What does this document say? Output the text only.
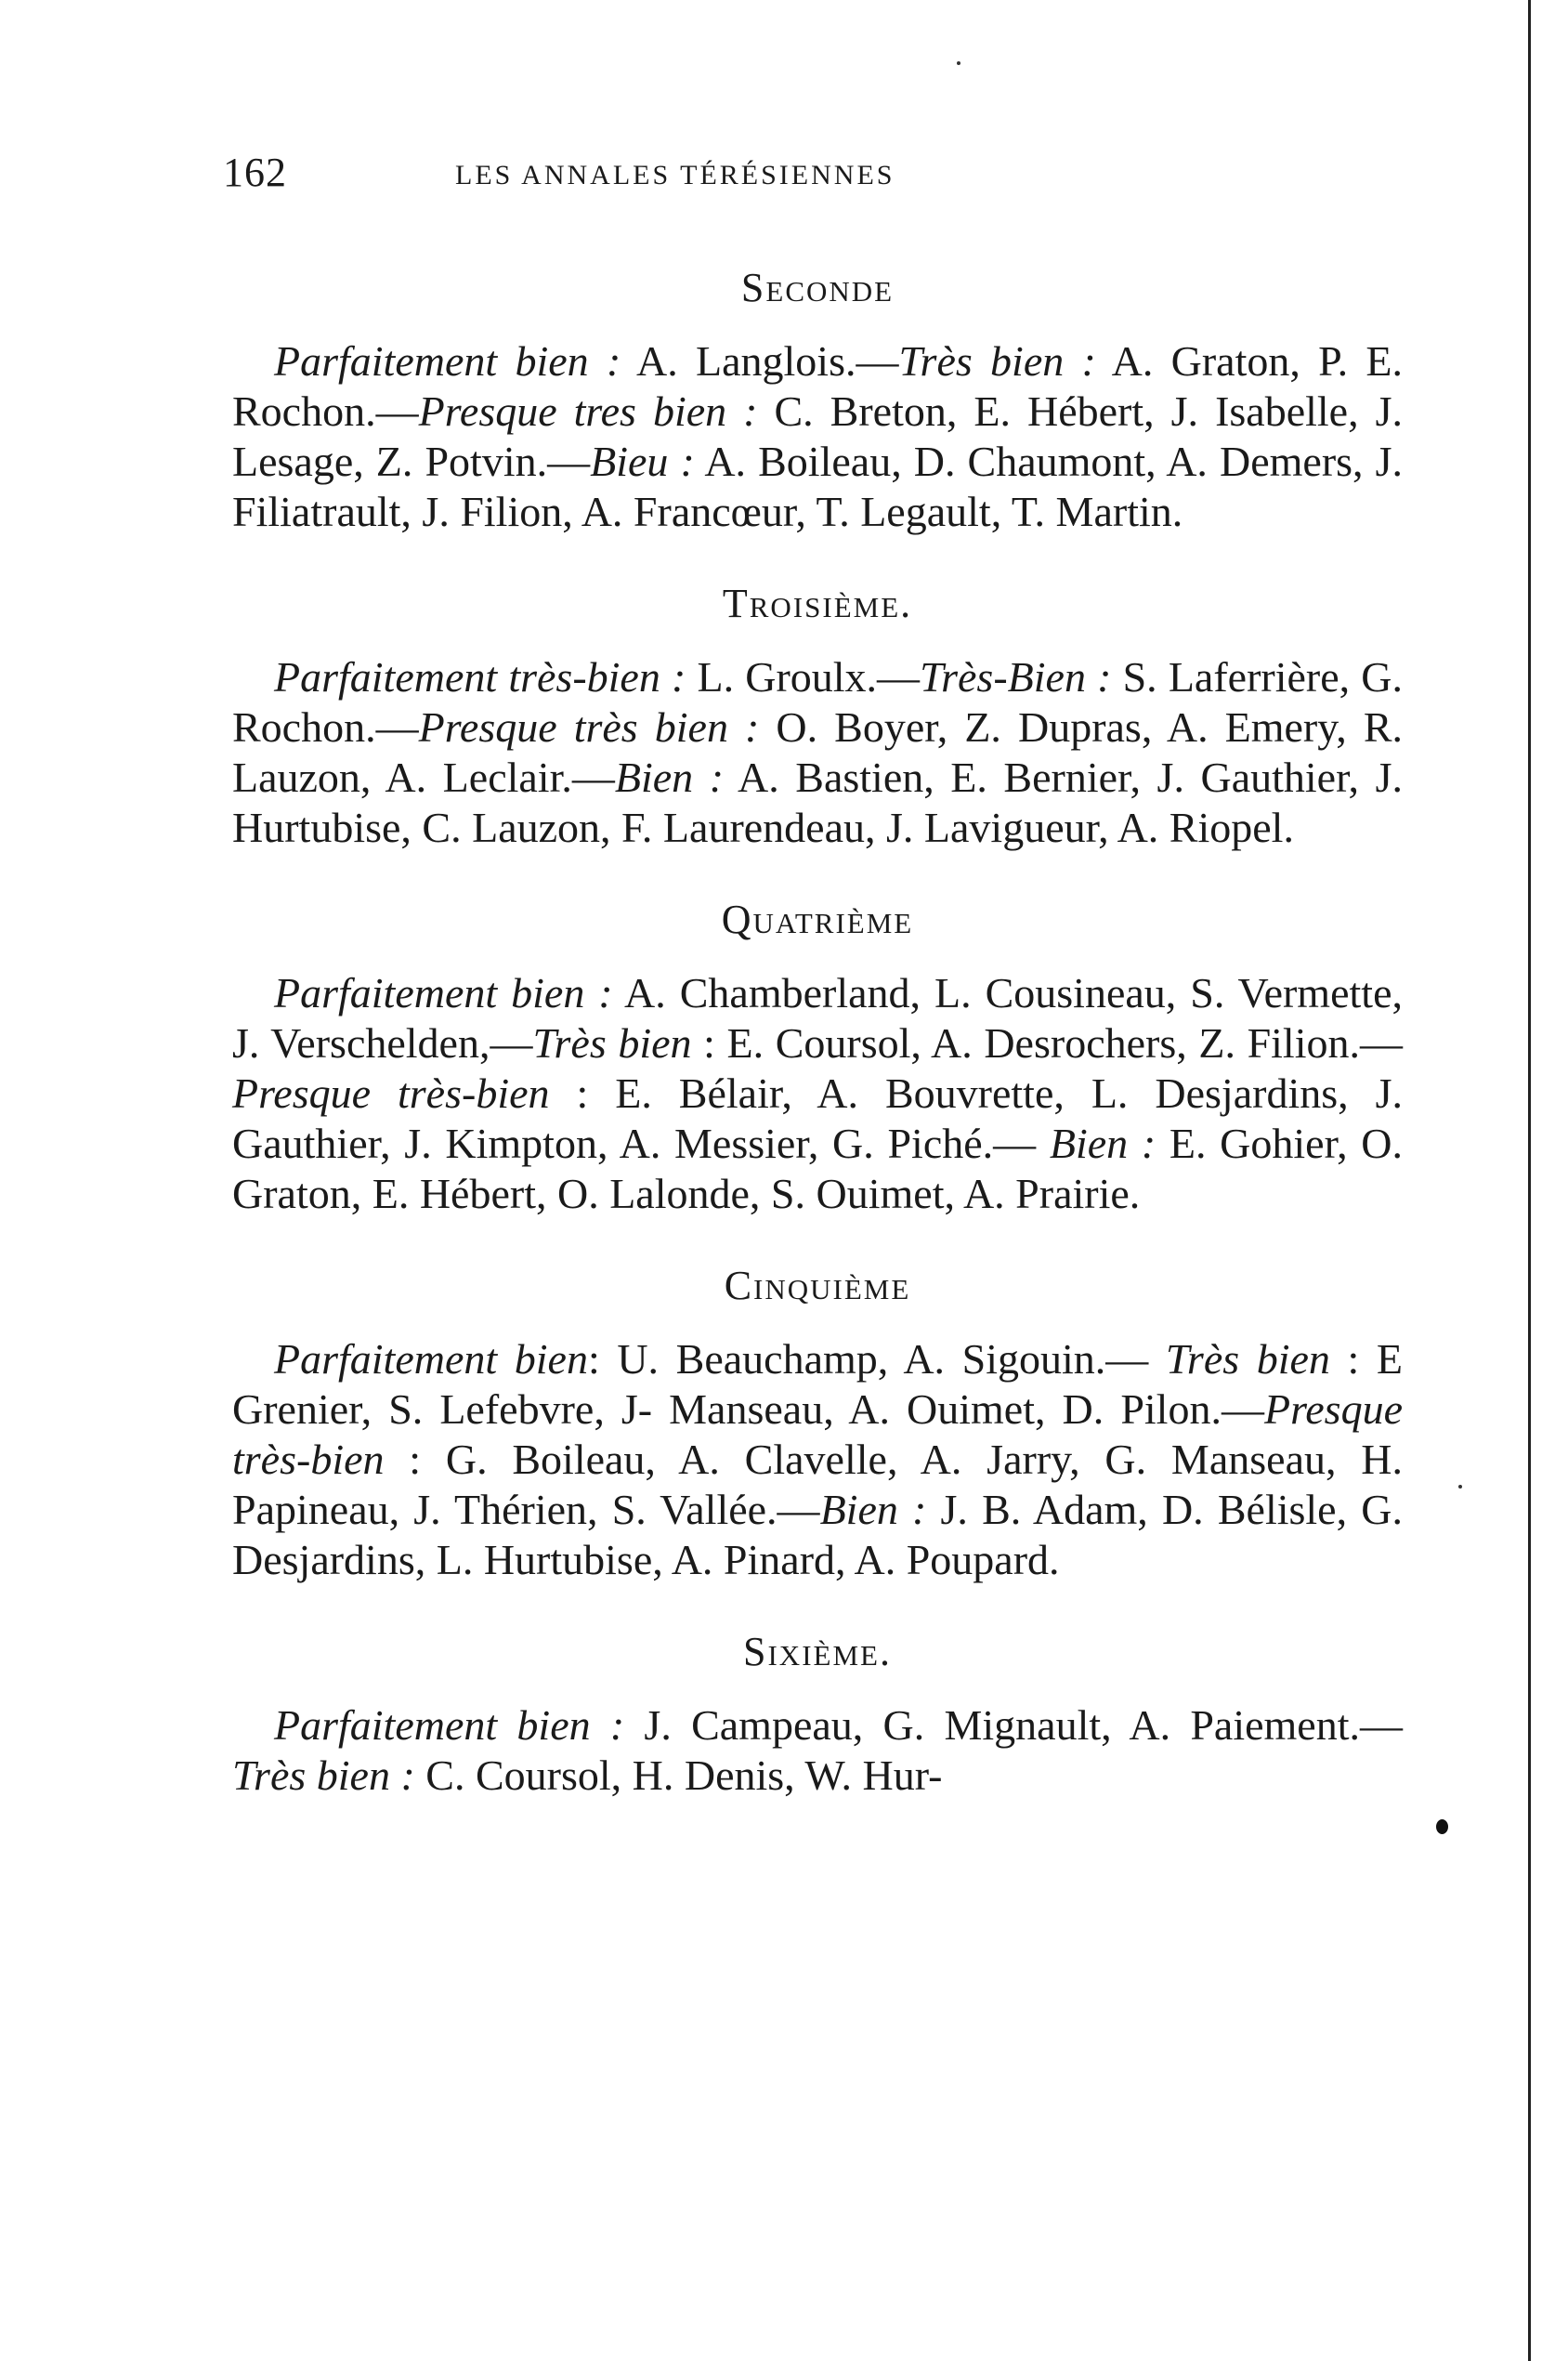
162	LES ANNALES TÉRÉSIENNES
Seconde

Parfaitement bien : A. Langlois.—Très bien : A. Graton, P. E. Rochon.—Presque tres bien : C. Breton, E. Hébert, J. Isabelle, J. Lesage, Z. Potvin.—Bieu : A. Boileau, D. Chaumont, A. Demers, J. Filiatrault, J. Filion, A. Francœur, T. Legault, T. Martin.

Troisième.

Parfaitement très-bien : L. Groulx.—Très-Bien : S. Laferrière, G. Rochon.—Presque très bien : O. Boyer, Z. Dupras, A. Emery, R. Lauzon, A. Leclair.—Bien : A. Bastien, E. Bernier, J. Gauthier, J. Hurtubise, C. Lauzon, F. Laurendeau, J. Lavigueur, A. Riopel.

Quatrième

Parfaitement bien : A. Chamberland, L. Cousineau, S. Vermette, J. Verschelden,—Très bien : E. Coursol, A. Desrochers, Z. Filion.—Presque très-bien : E. Bélair, A. Bouvrette, L. Desjardins, J. Gauthier, J. Kimpton, A. Messier, G. Piché.— Bien : E. Gohier, O. Graton, E. Hébert, O. Lalonde, S. Ouimet, A. Prairie.

Cinquième

Parfaitement bien: U. Beauchamp, A. Sigouin.— Très bien : E Grenier, S. Lefebvre, J- Manseau, A. Ouimet, D. Pilon.—Presque très-bien : G. Boileau, A. Clavelle, A. Jarry, G. Manseau, H. Papineau, J. Thérien, S. Vallée.—Bien : J. B. Adam, D. Bélisle, G. Desjardins, L. Hurtubise, A. Pinard, A. Poupard.

Sixième.

Parfaitement bien : J. Campeau, G. Mignault, A. Paiement.—Très bien : C. Coursol, H. Denis, W. Hur-
